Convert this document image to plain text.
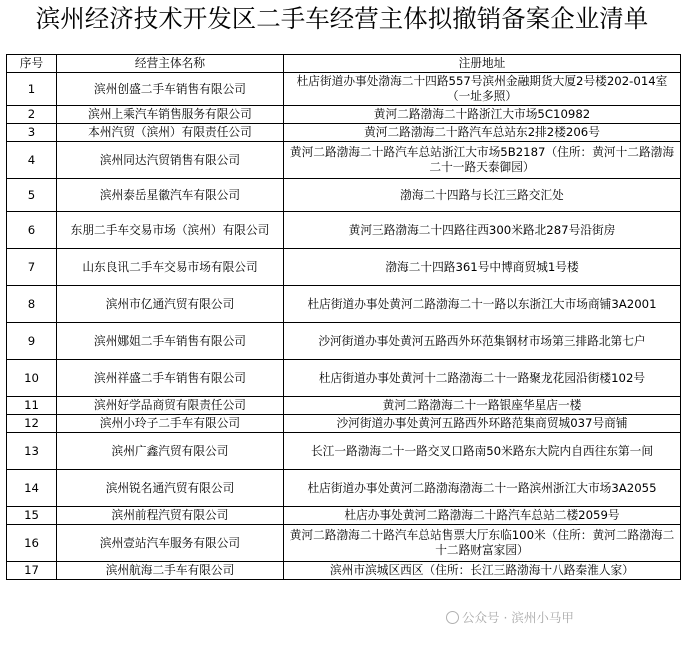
滨州经济技术开发区二手车经营主体拟撤销备案企业清单
序号	经营主体名称	注册地址
1	滨州创盛二手车销售有限公司	杜店街道办事处渤海二十四路557号滨州金融期货大厦2号楼202-014室（一址多照）
2	滨州上乘汽车销售服务有限公司	黄河二路渤海二十路浙江大市场5C10982
3	本州汽贸（滨州）有限责任公司	黄河二路渤海二十路汽车总站东2排2楼206号
4	滨州同达汽贸销售有限公司	黄河二路渤海二十路汽车总站浙江大市场5B2187（住所：黄河十二路渤海二十一路天泰御园）
5	滨州泰岳星徽汽车有限公司	渤海二十四路与长江三路交汇处
6	东朋二手车交易市场（滨州）有限公司	黄河三路渤海二十四路往西300米路北287号沿街房
7	山东良讯二手车交易市场有限公司	渤海二十四路361号中博商贸城1号楼
8	滨州市亿通汽贸有限公司	杜店街道办事处黄河二路渤海二十一路以东浙江大市场商铺3A2001
9	滨州娜姐二手车销售有限公司	沙河街道办事处黄河五路西外环范集钢材市场第三排路北第七户
10	滨州祥盛二手车销售有限公司	杜店街道办事处黄河十二路渤海二十一路聚龙花园沿街楼102号
11	滨州好学品商贸有限责任公司	黄河二路渤海二十一路银座华星店一楼
12	滨州小玲子二手车有限公司	沙河街道办事处黄河五路西外环路范集商贸城037号商铺
13	滨州广鑫汽贸有限公司	长江一路渤海二十一路交叉口路南50米路东大院内自西往东第一间
14	滨州锐名通汽贸有限公司	杜店街道办事处黄河二路渤海渤海二十一路滨州浙江大市场3A2055
15	滨州前程汽贸有限公司	杜店办事处黄河二路渤海二十路汽车总站二楼2059号
16	滨州壹站汽车服务有限公司	黄河二路渤海二十路汽车总站售票大厅东临100米（住所：黄河二路渤海二十二路财富家园）
17	滨州航海二手车有限公司	滨州市滨城区西区（住所：长江三路渤海十八路秦淮人家）
公众号 · 滨州小马甲
